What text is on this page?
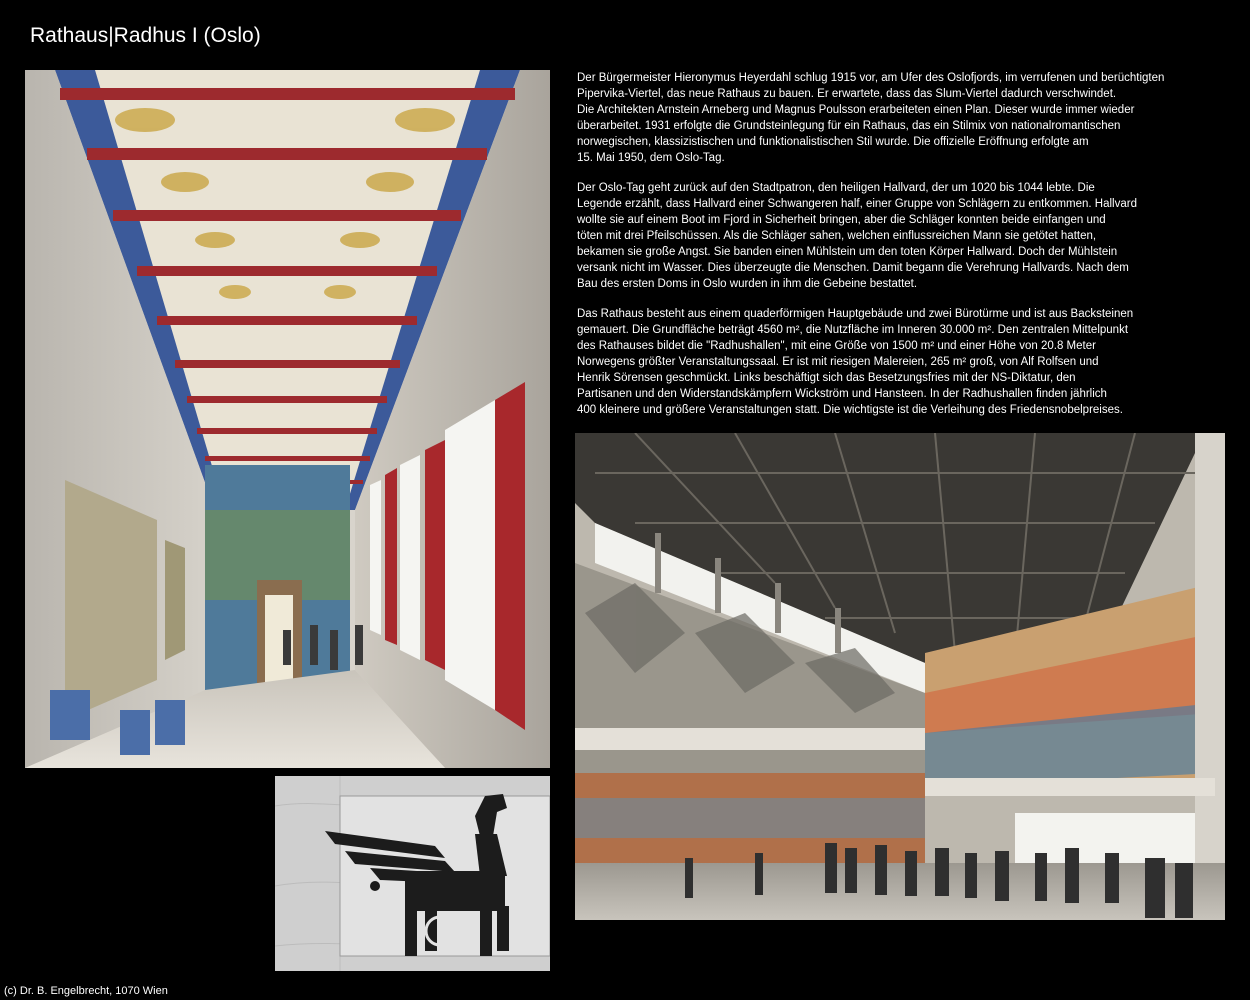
Rathaus|Radhus I (Oslo)

Der Bürgermeister Hieronymus Heyerdahl schlug 1915 vor, am Ufer des Oslofjords, im verrufenen und berüchtigten
Pipervika-Viertel, das neue Rathaus zu bauen. Er erwartete, dass das Slum-Viertel dadurch verschwindet.
Die Architekten Arnstein Arneberg und Magnus Poulsson erarbeiteten einen Plan. Dieser wurde immer wieder
überarbeitet. 1931 erfolgte die Grundsteinlegung für ein Rathaus, das ein Stilmix von nationalromantischen
norwegischen, klassizistischen und funktionalistischen Stil wurde. Die offizielle Eröffnung erfolgte am
15. Mai 1950, dem Oslo-Tag.

Der Oslo-Tag geht zurück auf den Stadtpatron, den heiligen Hallvard, der um 1020 bis 1044 lebte. Die
Legende erzählt, dass Hallvard einer Schwangeren half, einer Gruppe von Schlägern zu entkommen. Hallvard
wollte sie auf einem Boot im Fjord in Sicherheit bringen, aber die Schläger konnten beide einfangen und
töten mit drei Pfeilschüssen. Als die Schläger sahen, welchen einflussreichen Mann sie getötet hatten,
bekamen sie große Angst. Sie banden einen Mühlstein um den toten Körper Hallward. Doch der Mühlstein
versank nicht im Wasser. Dies überzeugte die Menschen. Damit begann die Verehrung Hallvards. Nach dem
Bau des ersten Doms in Oslo wurden in ihm die Gebeine bestattet.

Das Rathaus besteht aus einem quaderförmigen Hauptgebäude und zwei Bürotürme und ist aus Backsteinen
gemauert. Die Grundfläche beträgt 4560 m², die Nutzfläche im Inneren 30.000 m². Den zentralen Mittelpunkt
des Rathauses bildet die "Radhushallen", mit eine Größe von 1500 m² und einer Höhe von 20.8 Meter
Norwegens größter Veranstaltungssaal. Er ist mit riesigen Malereien, 265 m² groß, von Alf Rolfsen und
Henrik Sörensen geschmückt. Links beschäftigt sich das Besetzungsfries mit der NS-Diktatur, den
Partisanen und den Widerstandskämpfern Wickström und Hansteen. In der Radhushallen finden jährlich
400 kleinere und größere Veranstaltungen statt. Die wichtigste ist die Verleihung des Friedensnobelpreises.

(c) Dr. B. Engelbrecht, 1070 Wien
